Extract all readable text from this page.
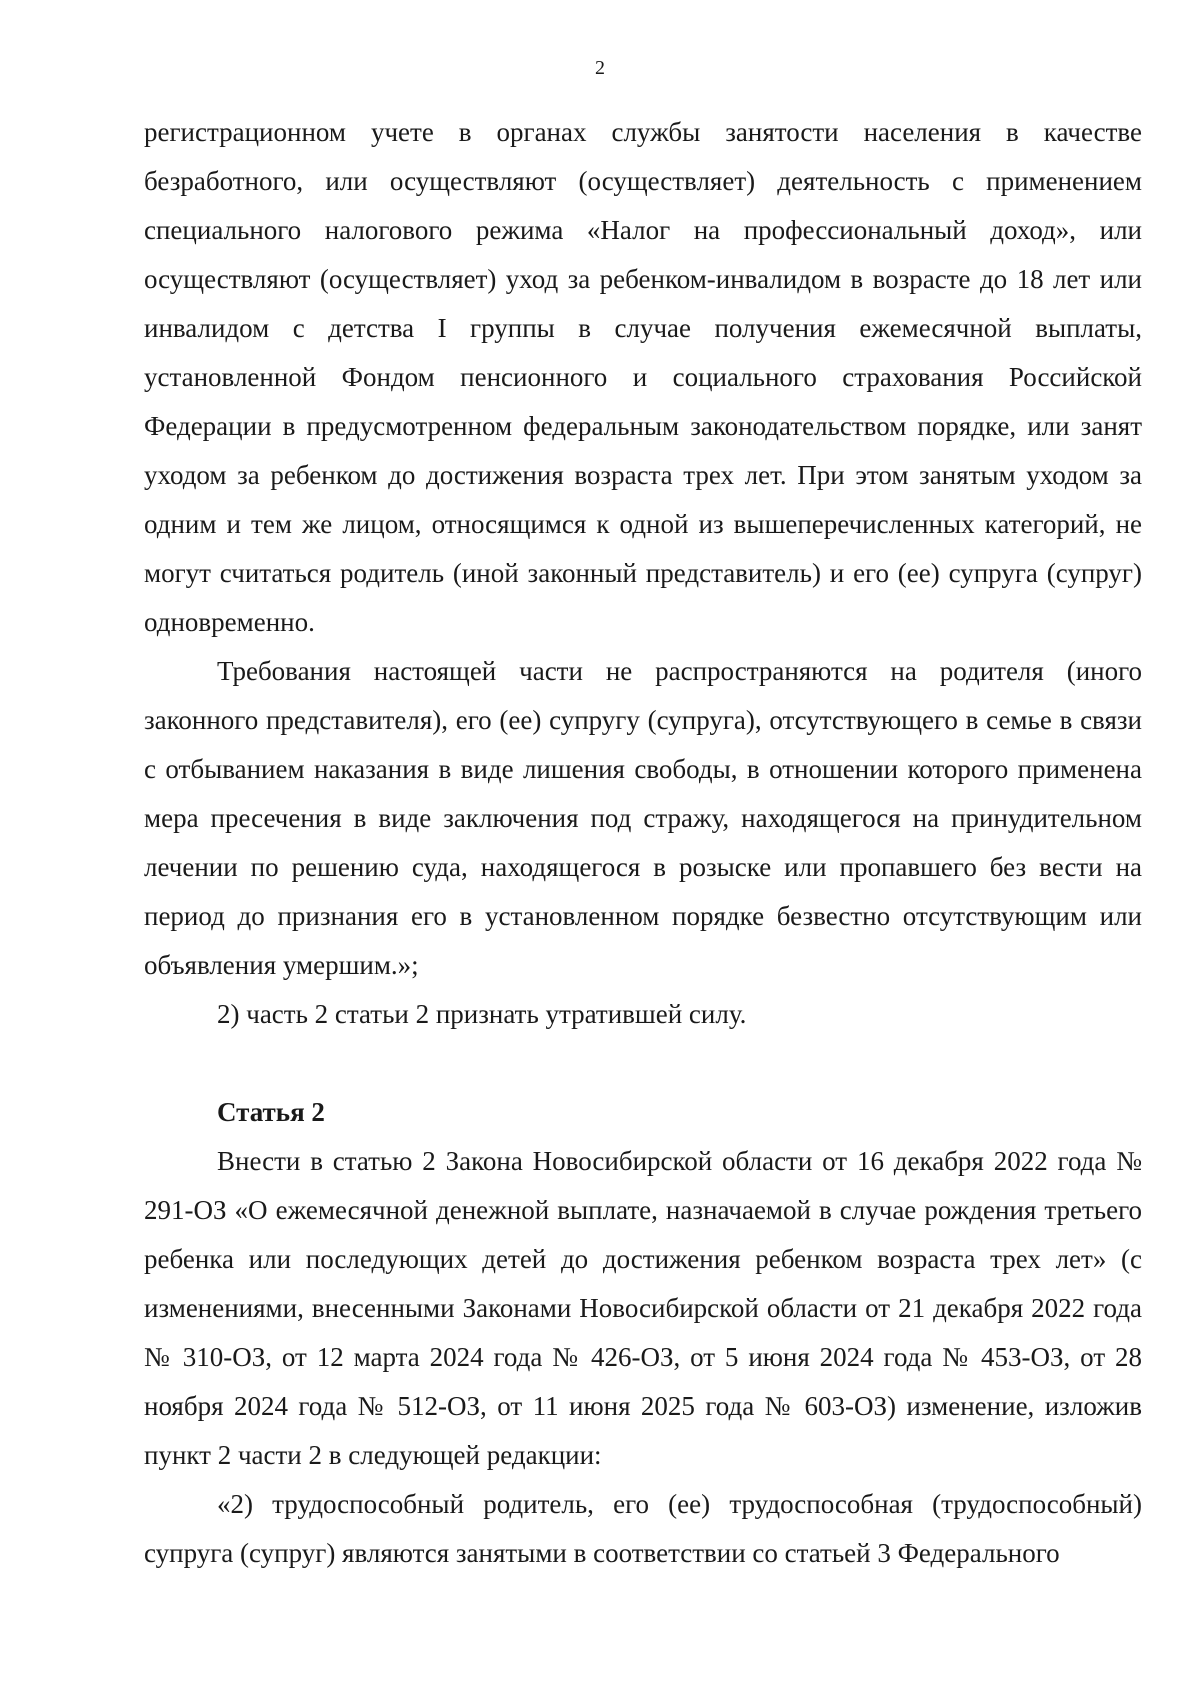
2

регистрационном учете в органах службы занятости населения в качестве безработного, или осуществляют (осуществляет) деятельность с применением специального налогового режима «Налог на профессиональный доход», или осуществляют (осуществляет) уход за ребенком-инвалидом в возрасте до 18 лет или инвалидом с детства I группы в случае получения ежемесячной выплаты, установленной Фондом пенсионного и социального страхования Российской Федерации в предусмотренном федеральным законодательством порядке, или занят уходом за ребенком до достижения возраста трех лет. При этом занятым уходом за одним и тем же лицом, относящимся к одной из вышеперечисленных категорий, не могут считаться родитель (иной законный представитель) и его (ее) супруга (супруг) одновременно.

Требования настоящей части не распространяются на родителя (иного законного представителя), его (ее) супругу (супруга), отсутствующего в семье в связи с отбыванием наказания в виде лишения свободы, в отношении которого применена мера пресечения в виде заключения под стражу, находящегося на принудительном лечении по решению суда, находящегося в розыске или пропавшего без вести на период до признания его в установленном порядке безвестно отсутствующим или объявления умершим.»;

2) часть 2 статьи 2 признать утратившей силу.

Статья 2

Внести в статью 2 Закона Новосибирской области от 16 декабря 2022 года № 291-ОЗ «О ежемесячной денежной выплате, назначаемой в случае рождения третьего ребенка или последующих детей до достижения ребенком возраста трех лет» (с изменениями, внесенными Законами Новосибирской области от 21 декабря 2022 года № 310-ОЗ, от 12 марта 2024 года № 426-ОЗ, от 5 июня 2024 года № 453-ОЗ, от 28 ноября 2024 года № 512-ОЗ, от 11 июня 2025 года № 603-ОЗ) изменение, изложив пункт 2 части 2 в следующей редакции:

«2) трудоспособный родитель, его (ее) трудоспособная (трудоспособный) супруга (супруг) являются занятыми в соответствии со статьей 3 Федерального
